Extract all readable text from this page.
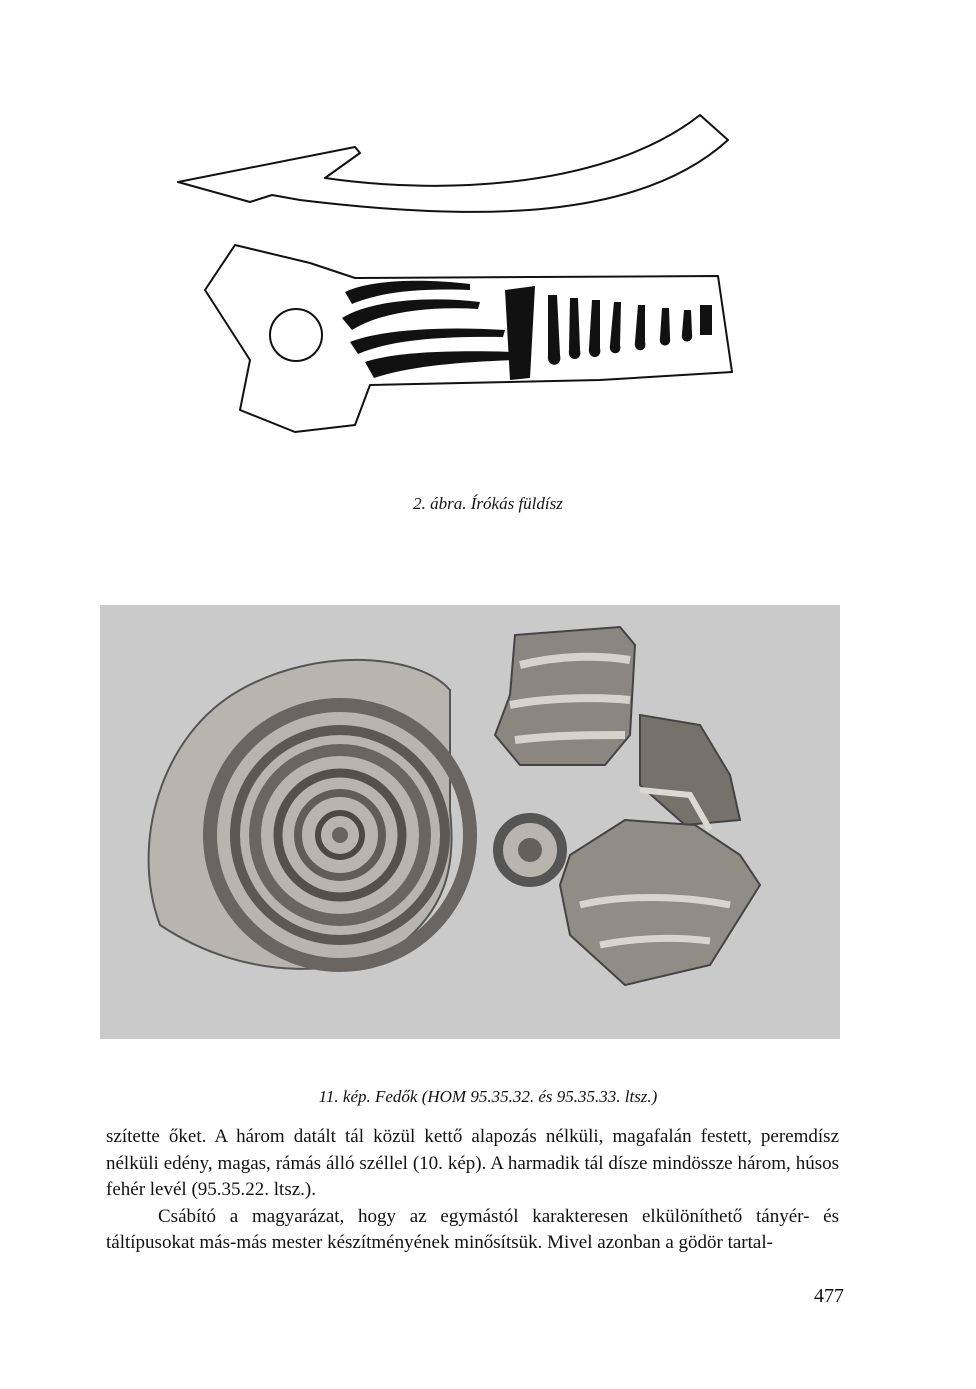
2. ábra. Írókás füldísz
11. kép. Fedők (HOM 95.35.32. és 95.35.33. ltsz.)

szítette őket. A három datált tál közül kettő alapozás nélküli, magafalán festett, peremdísz nélküli edény, magas, rámás álló széllel (10. kép). A harmadik tál dísze mindössze három, húsos fehér levél (95.35.22. ltsz.).

Csábító a magyarázat, hogy az egymástól karakteresen elkülöníthető tányér- és táltípusokat más-más mester készítményének minősítsük. Mivel azonban a gödör tartal-

477
